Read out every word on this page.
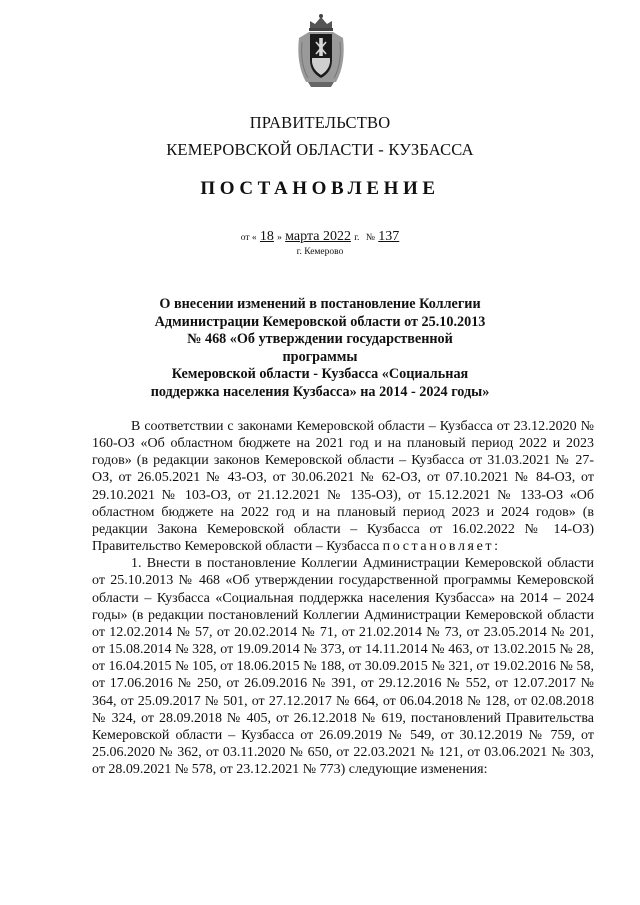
ПРАВИТЕЛЬСТВО
КЕМЕРОВСКОЙ ОБЛАСТИ - КУЗБАССА
ПОСТАНОВЛЕНИЕ
от « 18 » марта 2022 г. № 137
г. Кемерово
О внесении изменений в постановление Коллегии
Администрации Кемеровской области от 25.10.2013
№ 468 «Об утверждении государственной программы
Кемеровской области - Кузбасса «Социальная
поддержка населения Кузбасса» на 2014 - 2024 годы»

В соответствии с законами Кемеровской области – Кузбасса от 23.12.2020 № 160-ОЗ «Об областном бюджете на 2021 год и на плановый период 2022 и 2023 годов» (в редакции законов Кемеровской области – Кузбасса от 31.03.2021 № 27-ОЗ, от 26.05.2021 № 43-ОЗ, от 30.06.2021 № 62-ОЗ, от 07.10.2021 № 84-ОЗ, от 29.10.2021 № 103-ОЗ, от 21.12.2021 № 135-ОЗ), от 15.12.2021 № 133-ОЗ «Об областном бюджете на 2022 год и на плановый период 2023 и 2024 годов» (в редакции Закона Кемеровской области – Кузбасса от 16.02.2022 № 14-ОЗ) Правительство Кемеровской области – Кузбасса постановляет:

1. Внести в постановление Коллегии Администрации Кемеровской области от 25.10.2013 № 468 «Об утверждении государственной программы Кемеровской области – Кузбасса «Социальная поддержка населения Кузбасса» на 2014 – 2024 годы» (в редакции постановлений Коллегии Администрации Кемеровской области от 12.02.2014 № 57, от 20.02.2014 № 71, от 21.02.2014 № 73, от 23.05.2014 № 201, от 15.08.2014 № 328, от 19.09.2014 № 373, от 14.11.2014 № 463, от 13.02.2015 № 28, от 16.04.2015 № 105, от 18.06.2015 № 188, от 30.09.2015 № 321, от 19.02.2016 № 58, от 17.06.2016 № 250, от 26.09.2016 № 391, от 29.12.2016 № 552, от 12.07.2017 № 364, от 25.09.2017 № 501, от 27.12.2017 № 664, от 06.04.2018 № 128, от 02.08.2018 № 324, от 28.09.2018 № 405, от 26.12.2018 № 619, постановлений Правительства Кемеровской области – Кузбасса от 26.09.2019 № 549, от 30.12.2019 № 759, от 25.06.2020 № 362, от 03.11.2020 № 650, от 22.03.2021 № 121, от 03.06.2021 № 303, от 28.09.2021 № 578, от 23.12.2021 № 773) следующие изменения:
